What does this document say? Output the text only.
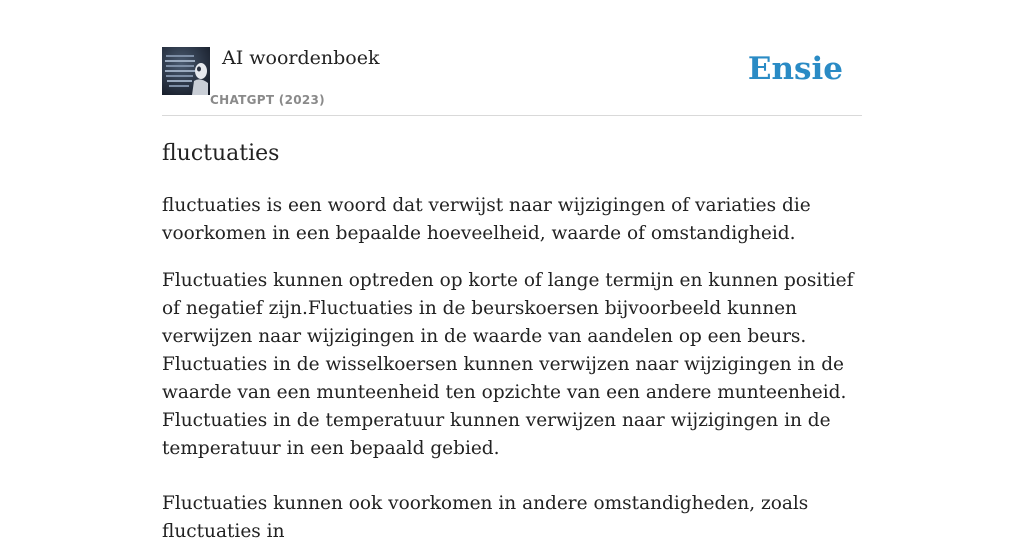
AI woordenboek
CHATGPT (2023)
Ensie
fluctuaties

fluctuaties is een woord dat verwijst naar wijzigingen of variaties die voorkomen in een bepaalde hoeveelheid, waarde of omstandigheid.

Fluctuaties kunnen optreden op korte of lange termijn en kunnen positief of negatief zijn.Fluctuaties in de beurskoersen bijvoorbeeld kunnen verwijzen naar wijzigingen in de waarde van aandelen op een beurs. Fluctuaties in de wisselkoersen kunnen verwijzen naar wijzigingen in de waarde van een munteenheid ten opzichte van een andere munteenheid. Fluctuaties in de temperatuur kunnen verwijzen naar wijzigingen in de temperatuur in een bepaald gebied.

Fluctuaties kunnen ook voorkomen in andere omstandigheden, zoals fluctuaties in
